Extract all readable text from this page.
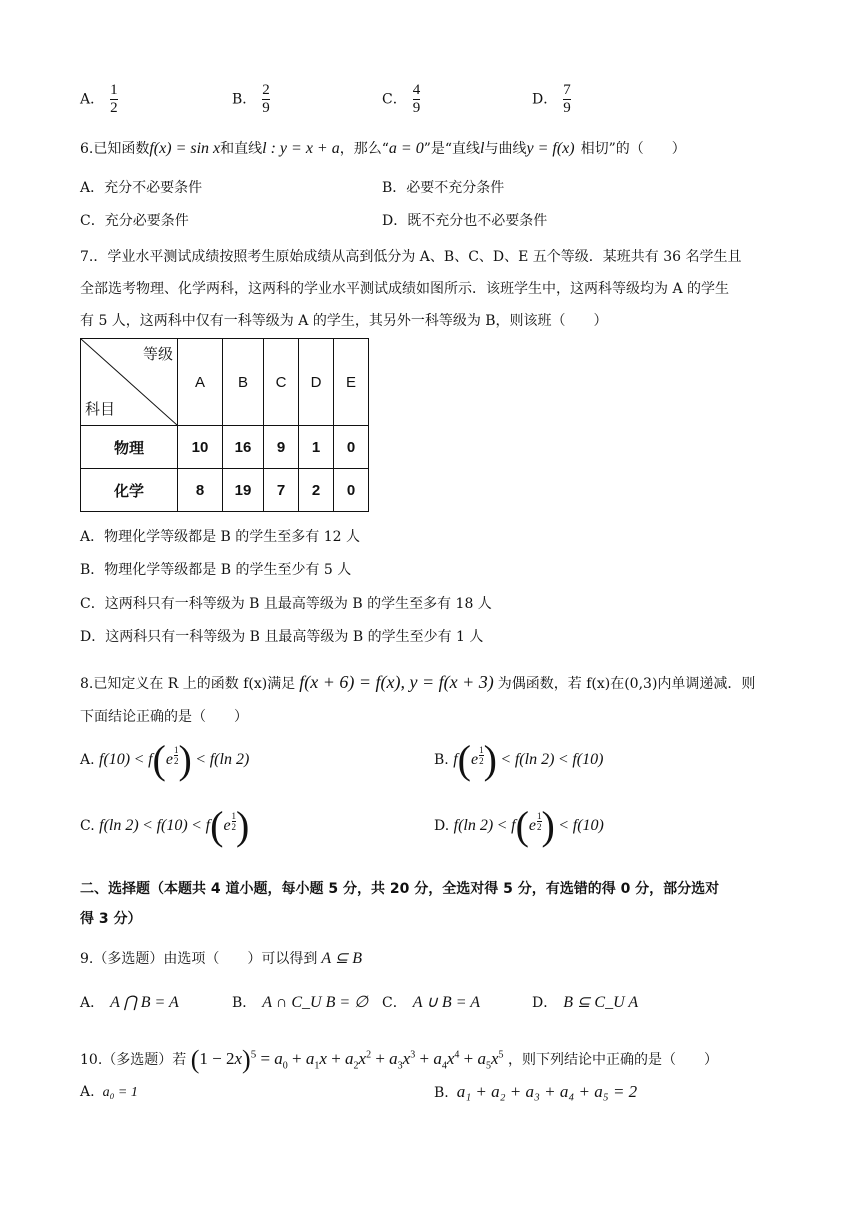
A． $\frac{1}{2}$	B． $\frac{2}{9}$	C． $\frac{4}{9}$	D． $\frac{7}{9}$
6.已知函数f(x) = sin x和直线l : y = x + a，那么“a = 0”是“直线l与曲线y = f(x) 相切”的（　　）
A．充分不必要条件	B．必要不充分条件
C．充分必要条件	D．既不充分也不必要条件
7.．学业水平测试成绩按照考生原始成绩从高到低分为 A、B、C、D、E 五个等级．某班共有 36 名学生且
全部选考物理、化学两科，这两科的学业水平测试成绩如图所示．该班学生中，这两科等级均为 A 的学生
有 5 人，这两科中仅有一科等级为 A 的学生，其另外一科等级为 B，则该班（　　）
等级
科目	A	B	C	D	E
物理	10	16	9	1	0
化学	8	19	7	2	0
A．物理化学等级都是 B 的学生至多有 12 人
B．物理化学等级都是 B 的学生至少有 5 人
C．这两科只有一科等级为 B 且最高等级为 B 的学生至多有 18 人
D．这两科只有一科等级为 B 且最高等级为 B 的学生至少有 1 人
8.已知定义在 R 上的函数 f(x)满足 f(x + 6) = f(x), y = f(x + 3) 为偶函数，若 f(x)在(0,3)内单调递减．则
下面结论正确的是（　　）
A. f(10) < f(e $^{\frac{1}{2}}$ ) < f(ln 2)	B. f(e $^{\frac{1}{2}}$ ) < f(ln 2) < f(10)
C. f(ln 2) < f(10) < f(e $^{\frac{1}{2}}$ )	D. f(ln 2) < f(e $^{\frac{1}{2}}$ ) < f(10)
二、选择题（本题共 4 道小题，每小题 5 分，共 20 分，全选对得 5 分，有选错的得 0 分，部分选对
得 3 分）
9.（多选题）由选项（　　）可以得到 A ⊆ B
A． A ⋂ B = A	B． A ∩ C_U B = ∅ C． A ∪ B = A	D． B ⊆ C_U A
10.（多选题）若 $(1 - 2x)^5 = a_0 + a_1x + a_2x^2 + a_3x^3 + a_4x^4 + a_5x^5$ ，则下列结论中正确的是（　　）
A. a₀ = 1	B. a₁ + a₂ + a₃ + a₄ + a₅ = 2
